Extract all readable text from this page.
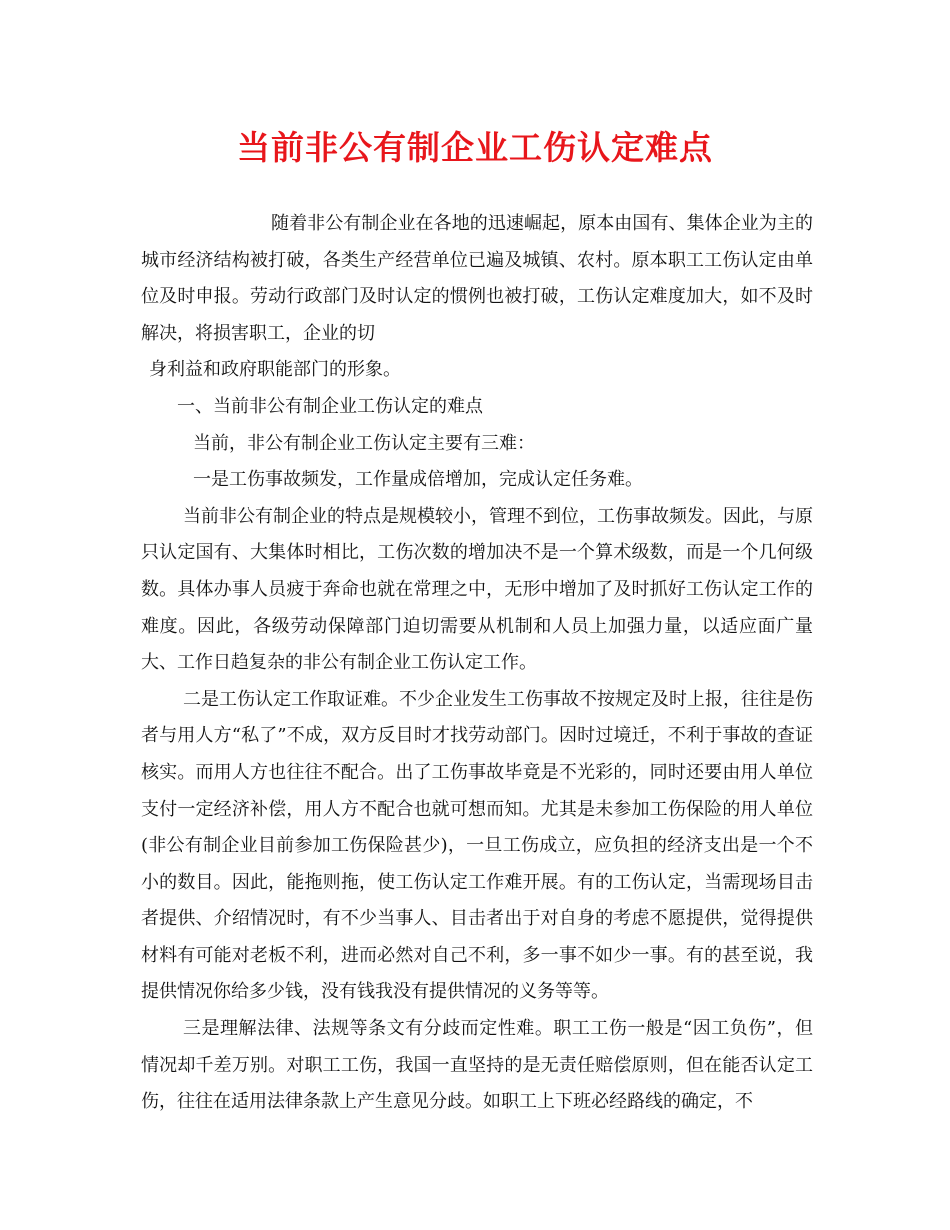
当前非公有制企业工伤认定难点

随着非公有制企业在各地的迅速崛起，原本由国有、集体企业为主的城市经济结构被打破，各类生产经营单位已遍及城镇、农村。原本职工工伤认定由单位及时申报。劳动行政部门及时认定的惯例也被打破，工伤认定难度加大，如不及时解决，将损害职工，企业的切

身利益和政府职能部门的形象。

一、当前非公有制企业工伤认定的难点

当前，非公有制企业工伤认定主要有三难：

一是工伤事故频发，工作量成倍增加，完成认定任务难。

当前非公有制企业的特点是规模较小，管理不到位，工伤事故频发。因此，与原只认定国有、大集体时相比，工伤次数的增加决不是一个算术级数，而是一个几何级数。具体办事人员疲于奔命也就在常理之中，无形中增加了及时抓好工伤认定工作的难度。因此，各级劳动保障部门迫切需要从机制和人员上加强力量，以适应面广量大、工作日趋复杂的非公有制企业工伤认定工作。

二是工伤认定工作取证难。不少企业发生工伤事故不按规定及时上报，往往是伤者与用人方“私了”不成，双方反目时才找劳动部门。因时过境迁，不利于事故的查证核实。而用人方也往往不配合。出了工伤事故毕竟是不光彩的，同时还要由用人单位支付一定经济补偿，用人方不配合也就可想而知。尤其是未参加工伤保险的用人单位(非公有制企业目前参加工伤保险甚少)，一旦工伤成立，应负担的经济支出是一个不小的数目。因此，能拖则拖，使工伤认定工作难开展。有的工伤认定，当需现场目击者提供、介绍情况时，有不少当事人、目击者出于对自身的考虑不愿提供，觉得提供材料有可能对老板不利，进而必然对自己不利，多一事不如少一事。有的甚至说，我提供情况你给多少钱，没有钱我没有提供情况的义务等等。

三是理解法律、法规等条文有分歧而定性难。职工工伤一般是“因工负伤”，但情况却千差万别。对职工工伤，我国一直坚持的是无责任赔偿原则，但在能否认定工伤，往往在适用法律条款上产生意见分歧。如职工上下班必经路线的确定，不
